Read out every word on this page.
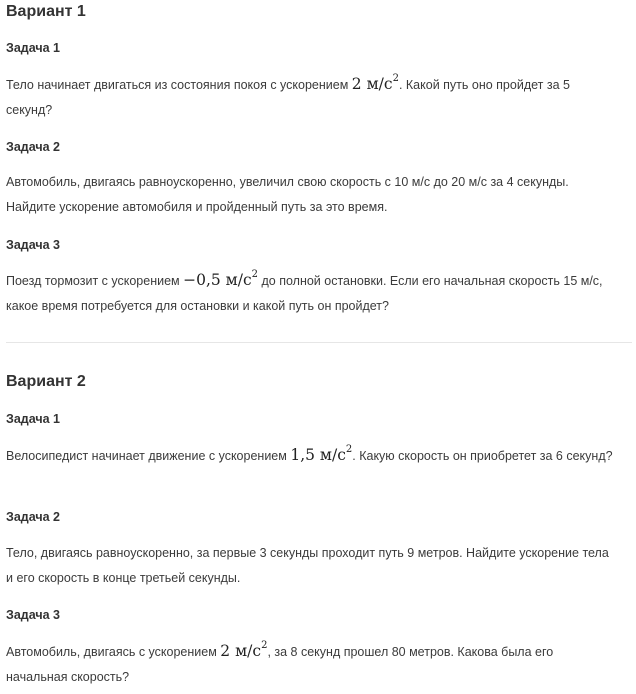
Вариант 1
Задача 1
Тело начинает двигаться из состояния покоя с ускорением 2 $м/с^2$. Какой путь оно пройдет за 5 секунд?
Задача 2
Автомобиль, двигаясь равноускоренно, увеличил свою скорость с 10 м/с до 20 м/с за 4 секунды. Найдите ускорение автомобиля и пройденный путь за это время.
Задача 3
Поезд тормозит с ускорением −0,5 $м/с^2$ до полной остановки. Если его начальная скорость 15 м/с, какое время потребуется для остановки и какой путь он пройдет?
Вариант 2
Задача 1
Велосипедист начинает движение с ускорением 1,5 $м/с^2$. Какую скорость он приобретет за 6 секунд?
Задача 2
Тело, двигаясь равноускоренно, за первые 3 секунды проходит путь 9 метров. Найдите ускорение тела и его скорость в конце третьей секунды.
Задача 3
Автомобиль, двигаясь с ускорением 2 $м/с^2$, за 8 секунд прошел 80 метров. Какова была его начальная скорость?
